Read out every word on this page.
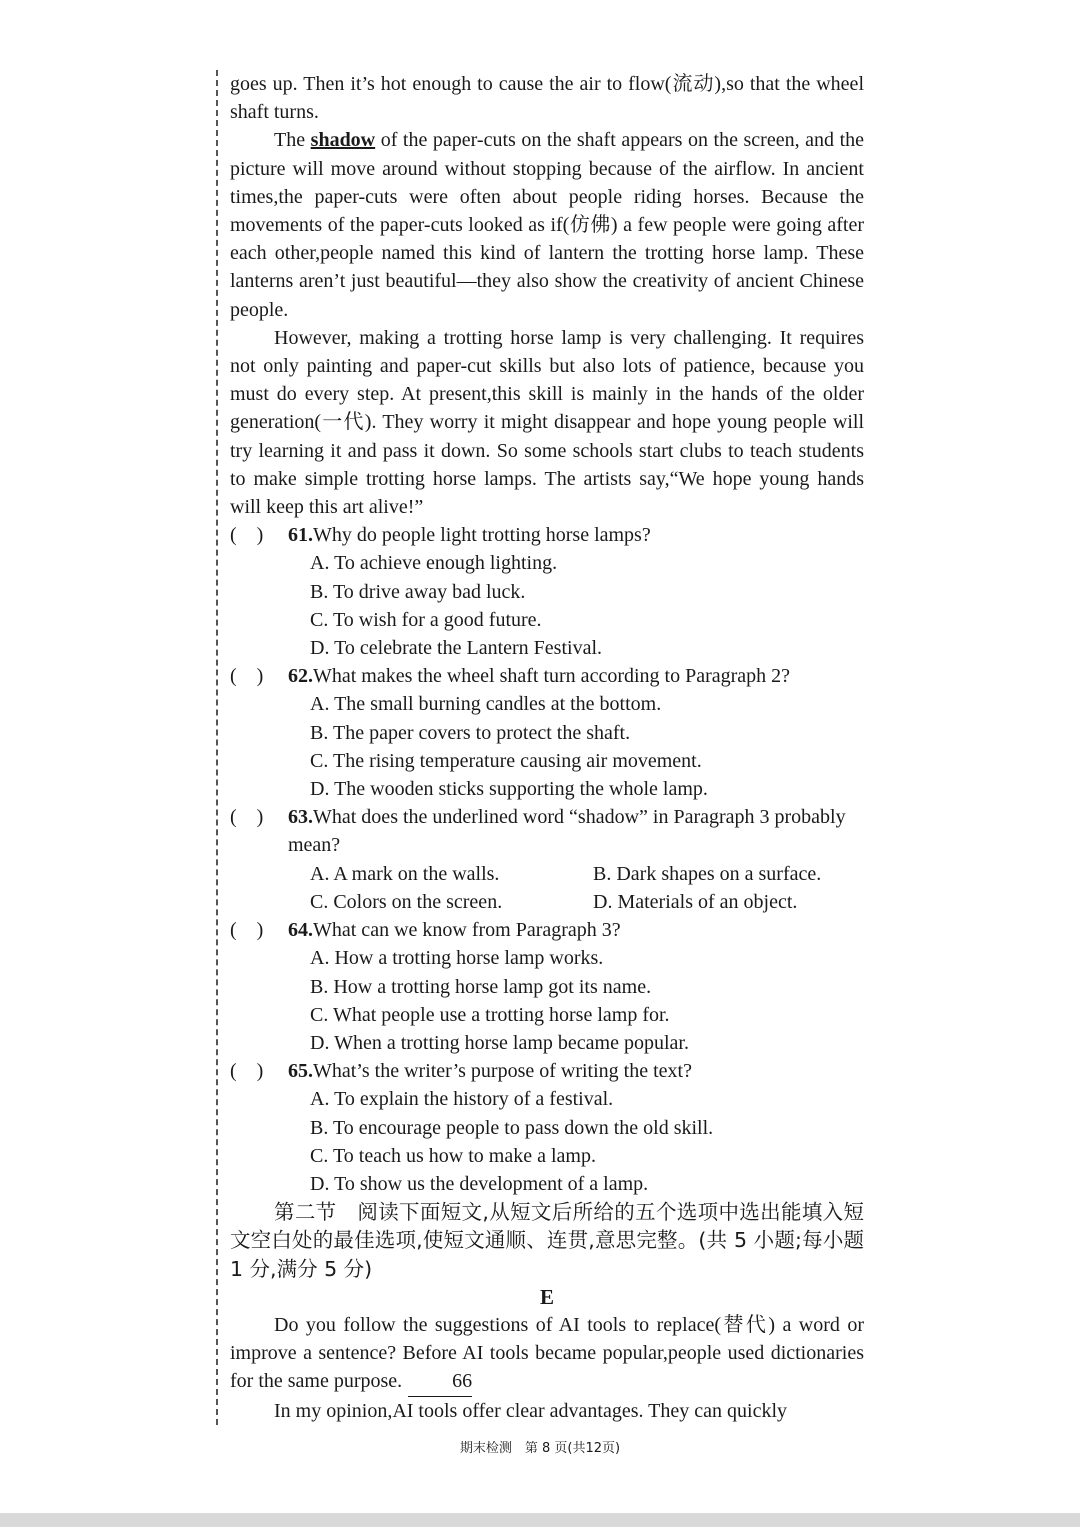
goes up. Then it’s hot enough to cause the air to flow(流动),so that the wheel shaft turns.

The shadow of the paper-cuts on the shaft appears on the screen, and the picture will move around without stopping because of the airflow. In ancient times,the paper-cuts were often about people riding horses. Because the movements of the paper-cuts looked as if(仿佛) a few people were going after each other,people named this kind of lantern the trotting horse lamp. These lanterns aren’t just beautiful—they also show the creativity of ancient Chinese people.

However, making a trotting horse lamp is very challenging. It requires not only painting and paper-cut skills but also lots of patience, because you must do every step. At present,this skill is mainly in the hands of the older generation(一代). They worry it might disappear and hope young people will try learning it and pass it down. So some schools start clubs to teach students to make simple trotting horse lamps. The artists say,“We hope young hands will keep this art alive!”

(    )	61.Why do people light trotting horse lamps?

A. To achieve enough lighting.

B. To drive away bad luck.

C. To wish for a good future.

D. To celebrate the Lantern Festival.

(    )	62.What makes the wheel shaft turn according to Paragraph 2?

A. The small burning candles at the bottom.

B. The paper covers to protect the shaft.

C. The rising temperature causing air movement.

D. The wooden sticks supporting the whole lamp.

(    )	63.What does the underlined word “shadow” in Paragraph 3 probably mean?

A. A mark on the walls.	B. Dark shapes on a surface.

C. Colors on the screen.	D. Materials of an object.

(    )	64.What can we know from Paragraph 3?

A. How a trotting horse lamp works.

B. How a trotting horse lamp got its name.

C. What people use a trotting horse lamp for.

D. When a trotting horse lamp became popular.

(    )	65.What’s the writer’s purpose of writing the text?

A. To explain the history of a festival.

B. To encourage people to pass down the old skill.

C. To teach us how to make a lamp.

D. To show us the development of a lamp.

第二节　阅读下面短文,从短文后所给的五个选项中选出能填入短文空白处的最佳选项,使短文通顺、连贯,意思完整。(共 5 小题;每小题 1 分,满分 5 分)

E

Do you follow the suggestions of AI tools to replace(替代) a word or improve a sentence? Before AI tools became popular,people used dictionaries for the same purpose.	66

In my opinion,AI tools offer clear advantages. They can quickly

期末检测　第 8 页(共12页)
